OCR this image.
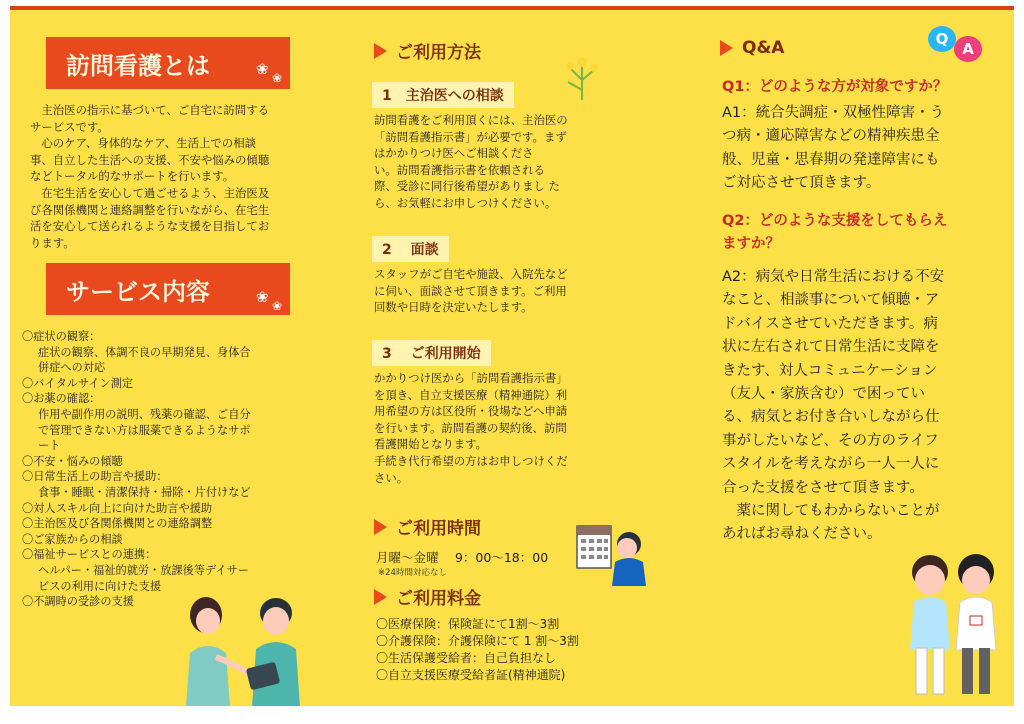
訪問看護とは	❀ ❀
　主治医の指示に基づいて、ご自宅に訪問する
サービスです。
　心のケア、身体的なケア、生活上での相談
事、自立した生活への支援、不安や悩みの傾聴
などトータル的なサポートを行います。
　在宅生活を安心して過ごせるよう、主治医及
び各関係機関と連絡調整を行いながら、在宅生
活を安心して送られるような支援を目指してお
ります。
サービス内容	❀ ❀
〇症状の観察：
症状の観察、体調不良の早期発見、身体合
併症への対応
〇バイタルサイン測定
〇お薬の確認：
作用や副作用の説明、残薬の確認、ご自分
で管理できない方は服薬できるようなサポ
ート
〇不安・悩みの傾聴
〇日常生活上の助言や援助：
食事・睡眠・清潔保持・掃除・片付けなど
〇対人スキル向上に向けた助言や援助
〇主治医及び各関係機関との連絡調整
〇ご家族からの相談
〇福祉サービスとの連携：
ヘルパー・福祉的就労・放課後等デイサー
ビスの利用に向けた支援
〇不調時の受診の支援
ご利用方法
1　主治医への相談
訪問看護をご利用頂くには、主治医の
「訪問看護指示書」が必要です。まず
はかかりつけ医へご相談くださ
い。訪問看護指示書を依頼される
際、受診に同行後希望がありまし た
ら、お気軽にお申しつけください。
2　 面談
スタッフがご自宅や施設、入院先など
に伺い、面談させて頂きます。ご利用
回数や日時を決定いたします。
3　 ご利用開始
かかりつけ医から「訪問看護指示書」
を頂き、自立支援医療（精神通院）利
用希望の方は区役所・役場などへ申請
を行います。訪問看護の契約後、訪問
看護開始となります。
手続き代行希望の方はお申しつけくだ
さい。
ご利用時間
月曜～金曜　 9：00～18：00
※24時間対応なし
ご利用料金
〇医療保険：保険証にて1割～3割
〇介護保険：介護保険にて 1 割～3割
〇生活保護受給者：自己負担なし
〇自立支援医療受給者証(精神通院)
Q&A	Q
A
Q1：どのような方が対象ですか？
A1：統合失調症・双極性障害・う
つ病・適応障害などの精神疾患全
般、児童・思春期の発達障害にも
ご対応させて頂きます。
Q2：どのような支援をしてもらえ
ますか？
A2：病気や日常生活における不安
なこと、相談事について傾聴・ア
ドバイスさせていただきます。病
状に左右されて日常生活に支障を
きたす、対人コミュニケーション
（友人・家族含む）で困ってい
る、病気とお付き合いしながら仕
事がしたいなど、その方のライフ
スタイルを考えながら一人一人に
合った支援をさせて頂きます。
　薬に関してもわからないことが
あればお尋ねください。
